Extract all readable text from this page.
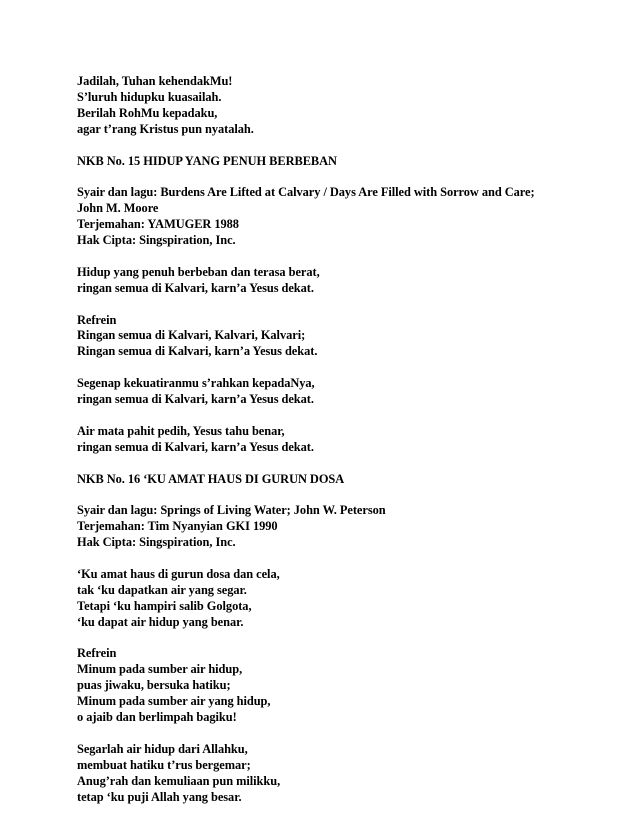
Jadilah, Tuhan kehendakMu!
S’luruh hidupku kuasailah.
Berilah RohMu kepadaku,
agar t’rang Kristus pun nyatalah.
NKB No. 15 HIDUP YANG PENUH BERBEBAN
Syair dan lagu: Burdens Are Lifted at Calvary / Days Are Filled with Sorrow and Care;
John M. Moore
Terjemahan: YAMUGER 1988
Hak Cipta: Singspiration, Inc.
Hidup yang penuh berbeban dan terasa berat,
ringan semua di Kalvari, karn’a Yesus dekat.
Refrein
Ringan semua di Kalvari, Kalvari, Kalvari;
Ringan semua di Kalvari, karn’a Yesus dekat.
Segenap kekuatiranmu s’rahkan kepadaNya,
ringan semua di Kalvari, karn’a Yesus dekat.
Air mata pahit pedih, Yesus tahu benar,
ringan semua di Kalvari, karn’a Yesus dekat.
NKB No. 16 ‘KU AMAT HAUS DI GURUN DOSA
Syair dan lagu: Springs of Living Water; John W. Peterson
Terjemahan: Tim Nyanyian GKI 1990
Hak Cipta: Singspiration, Inc.
‘Ku amat haus di gurun dosa dan cela,
tak ‘ku dapatkan air yang segar.
Tetapi ‘ku hampiri salib Golgota,
‘ku dapat air hidup yang benar.
Refrein
Minum pada sumber air hidup,
puas jiwaku, bersuka hatiku;
Minum pada sumber air yang hidup,
o ajaib dan berlimpah bagiku!
Segarlah air hidup dari Allahku,
membuat hatiku t’rus bergemar;
Anug’rah dan kemuliaan pun milikku,
tetap ‘ku puji Allah yang besar.
